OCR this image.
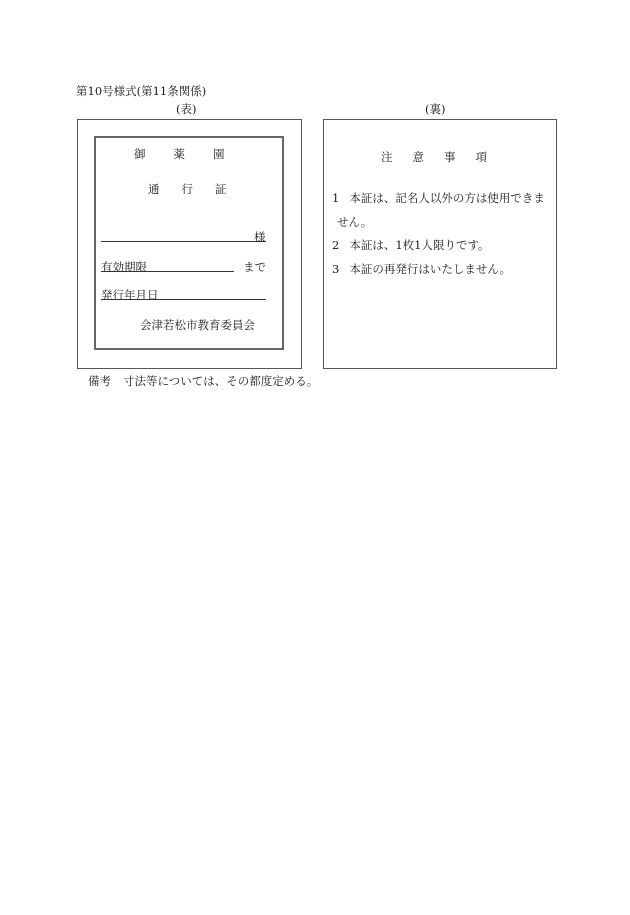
第10号様式(第11条関係)
(表)	(裏)
御 薬 園
通 行 証
様
有効期限	まで
発行年月日
会津若松市教育委員会
注 意 事 項
1 本証は、記名人以外の方は使用できま
せん。
2 本証は、1枚1人限りです。
3 本証の再発行はいたしません。
備考 寸法等については、その都度定める。
